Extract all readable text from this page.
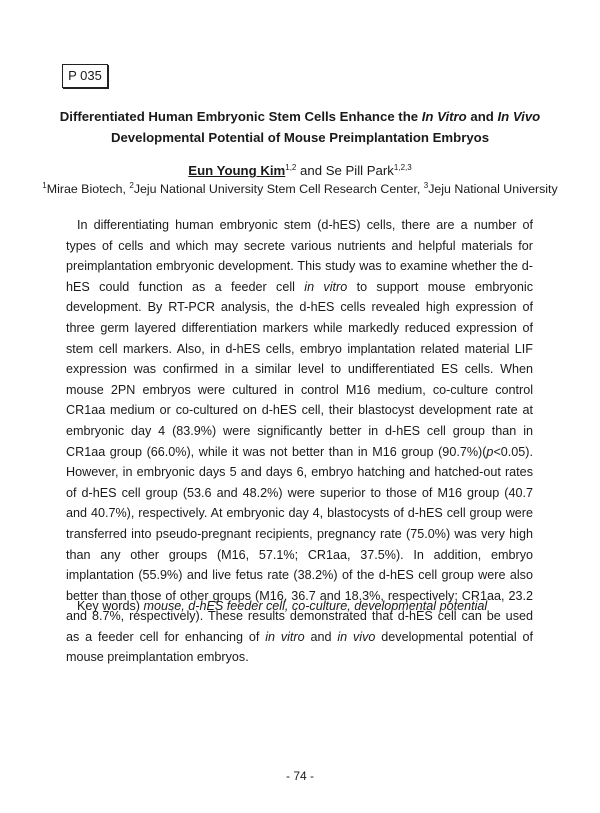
P 035
Differentiated Human Embryonic Stem Cells Enhance the In Vitro and In Vivo
Developmental Potential of Mouse Preimplantation Embryos
Eun Young Kim$^{1,2}$ and Se Pill Park$^{1,2,3}$
$^1$Mirae Biotech, $^2$Jeju National University Stem Cell Research Center, $^3$Jeju National University

In differentiating human embryonic stem (d-hES) cells, there are a number of types of cells and which may secrete various nutrients and helpful materials for preimplantation embryonic development. This study was to examine whether the d-hES could function as a feeder cell in vitro to support mouse embryonic development. By RT-PCR analysis, the d-hES cells revealed high expression of three germ layered differentiation markers while markedly reduced expression of stem cell markers. Also, in d-hES cells, embryo implantation related material LIF expression was confirmed in a similar level to undifferentiated ES cells. When mouse 2PN embryos were cultured in control M16 medium, co-culture control CR1aa medium or co-cultured on d-hES cell, their blastocyst development rate at embryonic day 4 (83.9%) were significantly better in d-hES cell group than in CR1aa group (66.0%), while it was not better than in M16 group (90.7%)(p<0.05). However, in embryonic days 5 and days 6, embryo hatching and hatched-out rates of d-hES cell group (53.6 and 48.2%) were superior to those of M16 group (40.7 and 40.7%), respectively. At embryonic day 4, blastocysts of d-hES cell group were transferred into pseudo-pregnant recipients, pregnancy rate (75.0%) was very high than any other groups (M16, 57.1%; CR1aa, 37.5%). In addition, embryo implantation (55.9%) and live fetus rate (38.2%) of the d-hES cell group were also better than those of other groups (M16, 36.7 and 18.3%, respectively; CR1aa, 23.2 and 8.7%, respectively). These results demonstrated that d-hES cell can be used as a feeder cell for enhancing of in vitro and in vivo developmental potential of mouse preimplantation embryos.

Key words) mouse, d-hES feeder cell, co-culture, developmental potential
- 74 -
